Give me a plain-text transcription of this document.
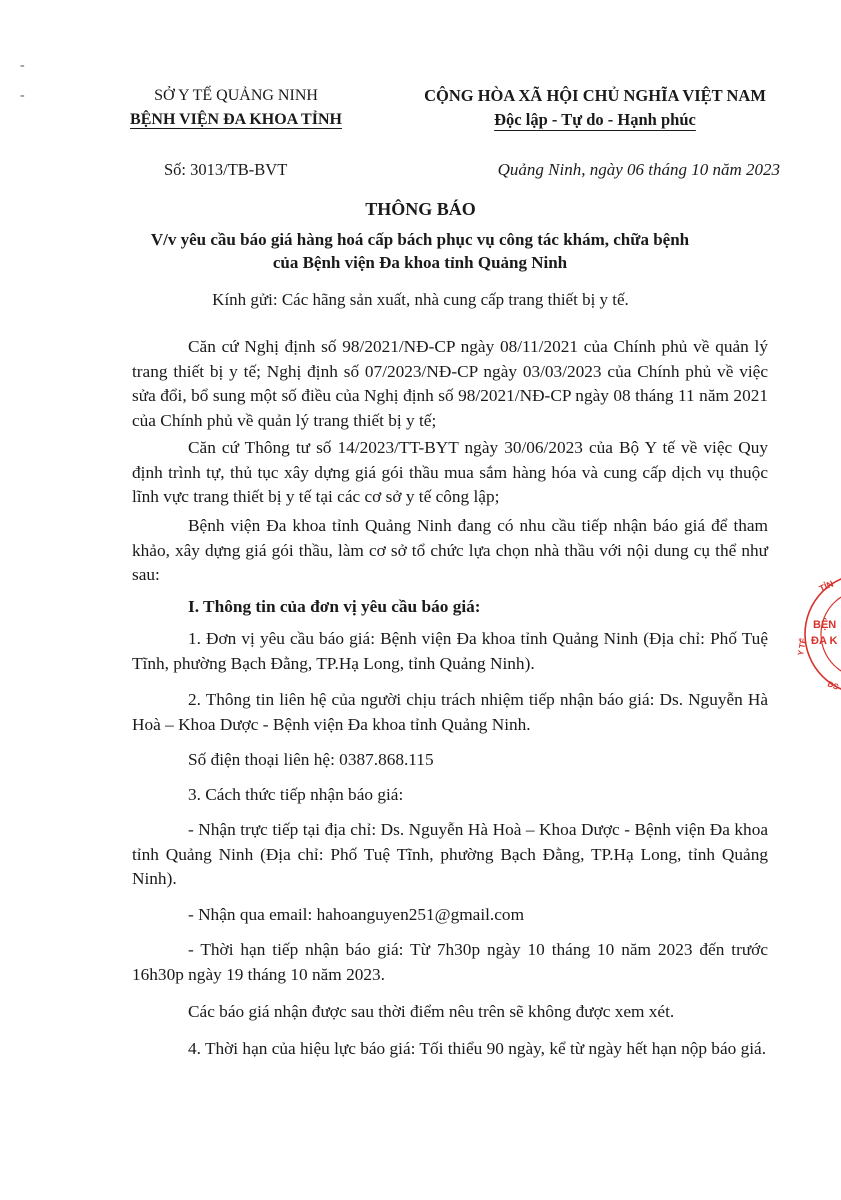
-
-	SỞ Y TẾ QUẢNG NINH
BỆNH VIỆN ĐA KHOA TỈNH
CỘNG HÒA XÃ HỘI CHỦ NGHĨA VIỆT NAM
Độc lập - Tự do - Hạnh phúc
Số: 3013/TB-BVT	Quảng Ninh, ngày 06 tháng 10 năm 2023
THÔNG BÁO
V/v yêu cầu báo giá hàng hoá cấp bách phục vụ công tác khám, chữa bệnh
của Bệnh viện Đa khoa tỉnh Quảng Ninh
Kính gửi: Các hãng sản xuất, nhà cung cấp trang thiết bị y tế.
Căn cứ Nghị định số 98/2021/NĐ-CP ngày 08/11/2021 của Chính phủ về quản lý trang thiết bị y tế; Nghị định số 07/2023/NĐ-CP ngày 03/03/2023 của Chính phủ về việc sửa đổi, bổ sung một số điều của Nghị định số 98/2021/NĐ-CP ngày 08 tháng 11 năm 2021 của Chính phủ về quản lý trang thiết bị y tế;
Căn cứ Thông tư số 14/2023/TT-BYT ngày 30/06/2023 của Bộ Y tế về việc Quy định trình tự, thủ tục xây dựng giá gói thầu mua sắm hàng hóa và cung cấp dịch vụ thuộc lĩnh vực trang thiết bị y tế tại các cơ sở y tế công lập;
Bệnh viện Đa khoa tỉnh Quảng Ninh đang có nhu cầu tiếp nhận báo giá để tham khảo, xây dựng giá gói thầu, làm cơ sở tổ chức lựa chọn nhà thầu với nội dung cụ thể như sau:
I. Thông tin của đơn vị yêu cầu báo giá:
1. Đơn vị yêu cầu báo giá: Bệnh viện Đa khoa tỉnh Quảng Ninh (Địa chỉ: Phố Tuệ Tĩnh, phường Bạch Đằng, TP.Hạ Long, tỉnh Quảng Ninh).
2. Thông tin liên hệ của người chịu trách nhiệm tiếp nhận báo giá: Ds. Nguyễn Hà Hoà – Khoa Dược - Bệnh viện Đa khoa tỉnh Quảng Ninh.
Số điện thoại liên hệ: 0387.868.115
3. Cách thức tiếp nhận báo giá:
- Nhận trực tiếp tại địa chỉ: Ds. Nguyễn Hà Hoà – Khoa Dược - Bệnh viện Đa khoa tỉnh Quảng Ninh (Địa chỉ: Phố Tuệ Tĩnh, phường Bạch Đằng, TP.Hạ Long, tỉnh Quảng Ninh).
- Nhận qua email: hahoanguyen251@gmail.com
- Thời hạn tiếp nhận báo giá: Từ 7h30p ngày 10 tháng 10 năm 2023 đến trước 16h30p ngày 19 tháng 10 năm 2023.
Các báo giá nhận được sau thời điểm nêu trên sẽ không được xem xét.
4. Thời hạn của hiệu lực báo giá: Tối thiểu 90 ngày, kể từ ngày hết hạn nộp báo giá.
TỈN
BỆN
ĐA K
Y TẾ
DS
